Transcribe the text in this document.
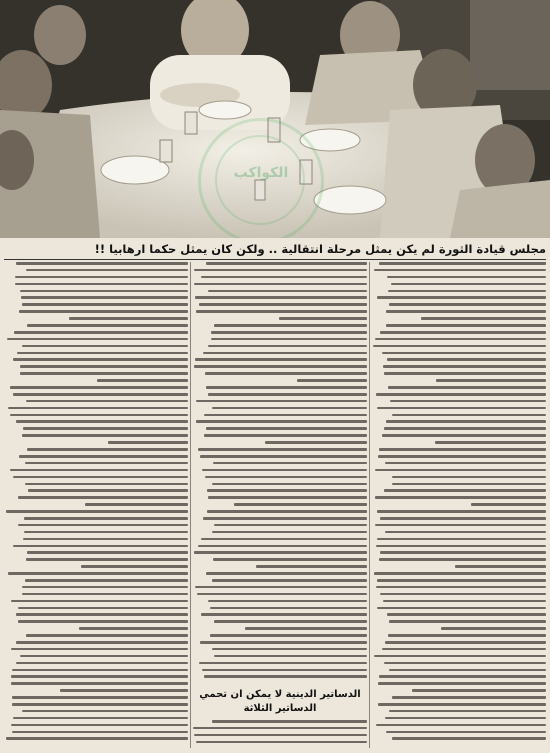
الكواكب
مجلس قيادة الثورة لم يكن يمثل مرحلة انتقالية .. ولكن كان يمثل حكما ارهابيا !!
الدساتير الدينية لا يمكن ان تحمي الدساتير الثلاثة
